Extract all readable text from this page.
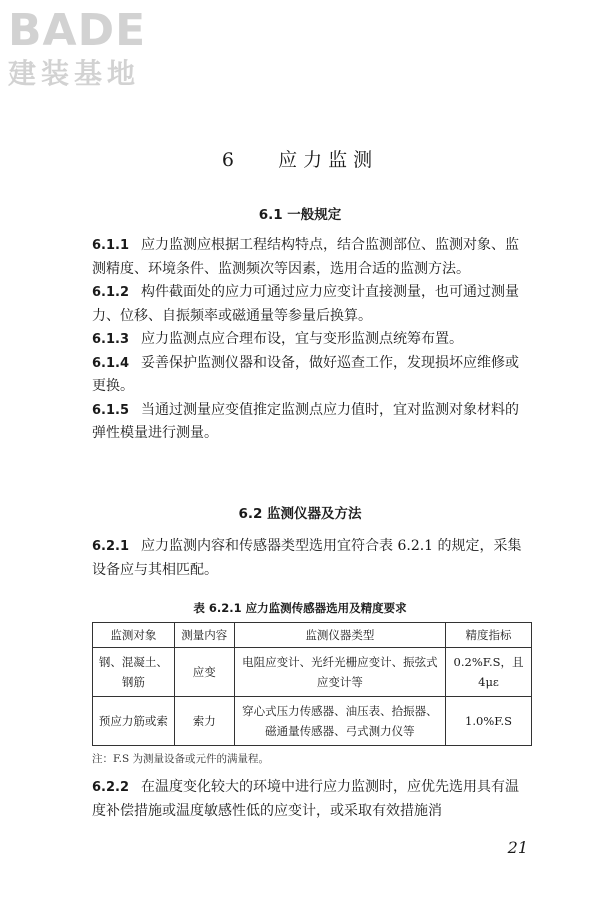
BADE
建装基地
6 应力监测
6.1 一般规定

6.1.1 应力监测应根据工程结构特点，结合监测部位、监测对象、监测精度、环境条件、监测频次等因素，选用合适的监测方法。

6.1.2 构件截面处的应力可通过应力应变计直接测量，也可通过测量力、位移、自振频率或磁通量等参量后换算。

6.1.3 应力监测点应合理布设，宜与变形监测点统筹布置。

6.1.4 妥善保护监测仪器和设备，做好巡查工作，发现损坏应维修或更换。

6.1.5 当通过测量应变值推定监测点应力值时，宜对监测对象材料的弹性模量进行测量。

6.2 监测仪器及方法

6.2.1 应力监测内容和传感器类型选用宜符合表 6.2.1 的规定，采集设备应与其相匹配。

表 6.2.1 应力监测传感器选用及精度要求
监测对象	测量内容	监测仪器类型	精度指标
钢、混凝土、钢筋	应变	电阻应变计、光纤光栅应变计、振弦式应变计等	0.2%F.S，且 4με
预应力筋或索	索力	穿心式压力传感器、油压表、拾振器、磁通量传感器、弓式测力仪等	1.0%F.S
注：F.S 为测量设备或元件的满量程。

6.2.2 在温度变化较大的环境中进行应力监测时，应优先选用具有温度补偿措施或温度敏感性低的应变计，或采取有效措施消

21
